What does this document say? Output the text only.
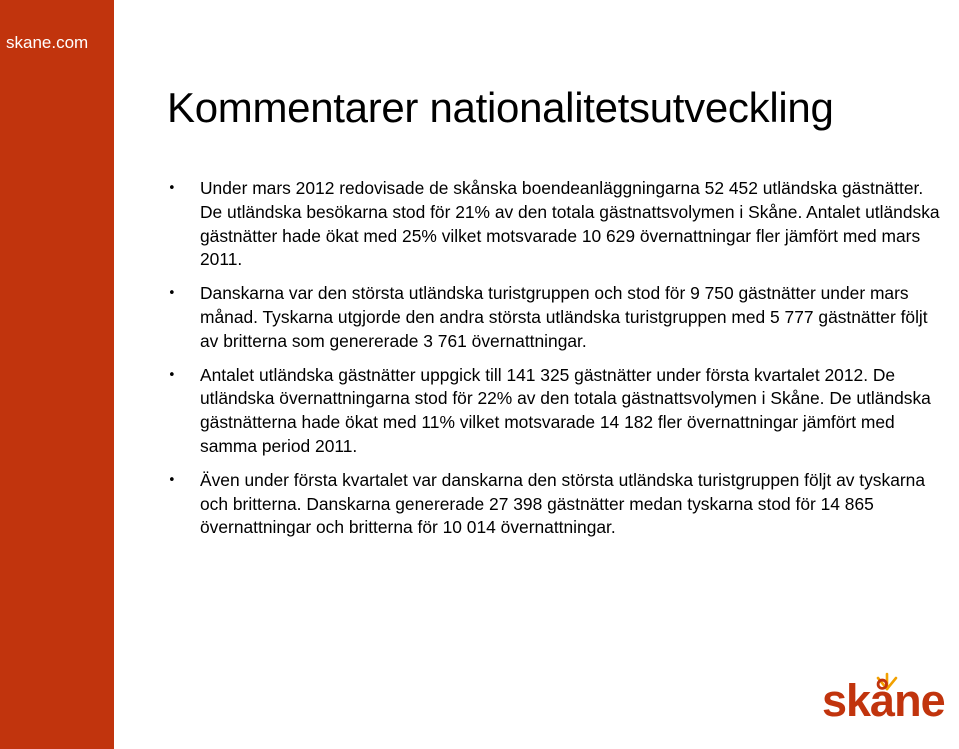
skane.com
Kommentarer nationalitetsutveckling
• Under mars 2012 redovisade de skånska boendeanläggningarna 52 452 utländska gästnätter. De utländska besökarna stod för 21% av den totala gästnattsvolymen i Skåne. Antalet utländska gästnätter hade ökat med 25% vilket motsvarade 10 629 övernattningar fler jämfört med mars 2011.
• Danskarna var den största utländska turistgruppen och stod för 9 750 gästnätter under mars månad. Tyskarna utgjorde den andra största utländska turistgruppen med 5 777 gästnätter följt av britterna som genererade 3 761 övernattningar.
• Antalet utländska gästnätter uppgick till 141 325 gästnätter under första kvartalet 2012. De utländska övernattningarna stod för 22% av den totala gästnattsvolymen i Skåne. De utländska gästnätterna hade ökat med 11% vilket motsvarade 14 182 fler övernattningar jämfört med samma period 2011.
• Även under första kvartalet var danskarna den största utländska turistgruppen följt av tyskarna och britterna. Danskarna genererade 27 398 gästnätter medan tyskarna stod för 14 865 övernattningar och britterna för 10 014 övernattningar.
skåne
